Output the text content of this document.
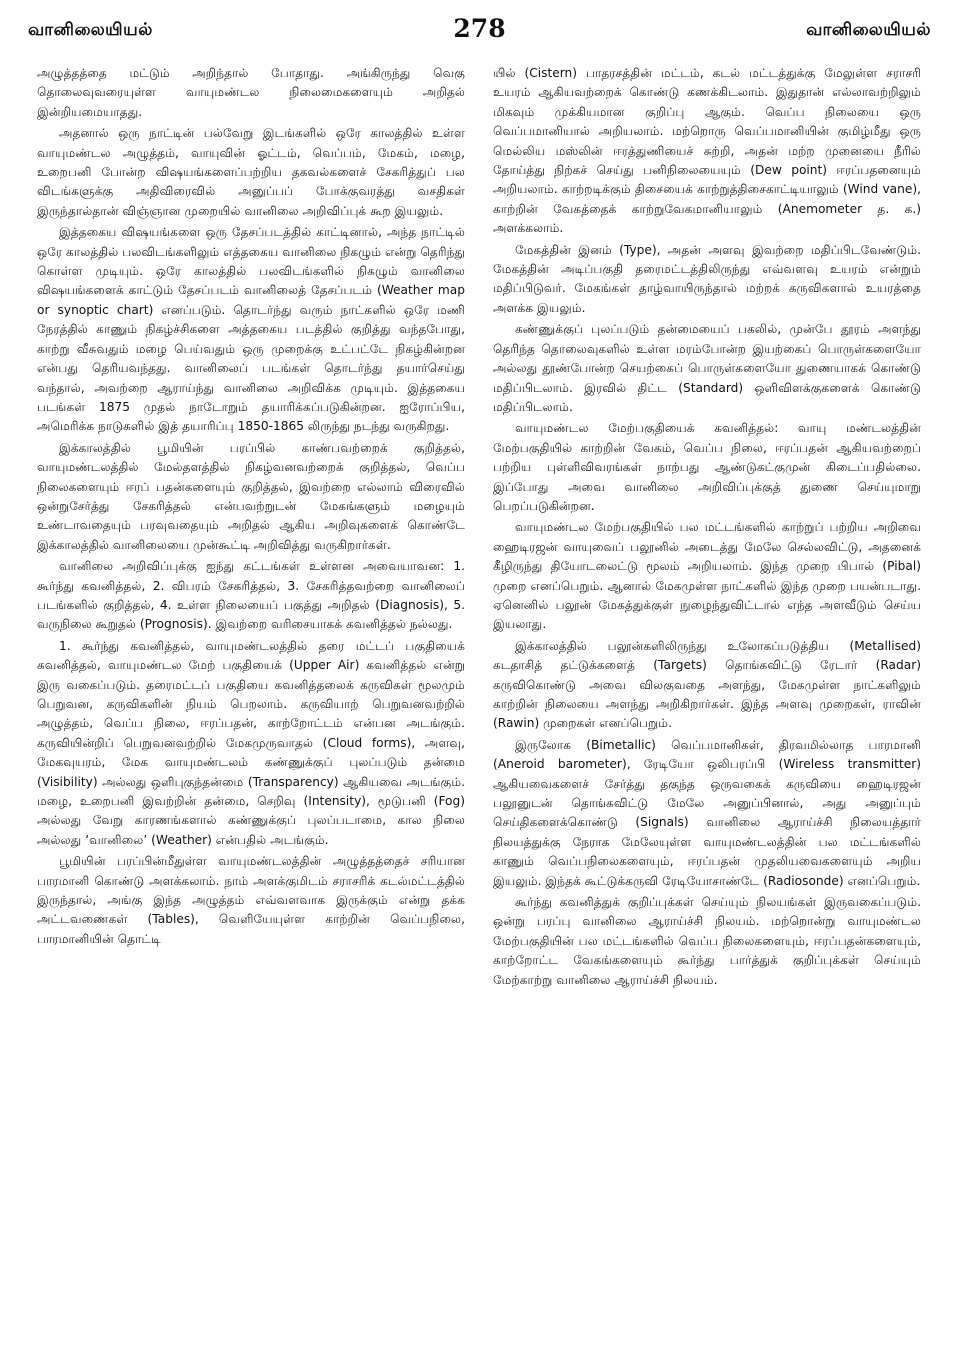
வானிலையியல்	278	வானிலையியல்

அழுத்தத்தை மட்டும் அறிந்தால் போதாது. அங்கிருந்து வெகு தொலைவுவரையுள்ள வாயுமண்டல நிலைமைகளையும் அறிதல் இன்றியமையாதது.

அதனால் ஒரு நாட்டின் பல்வேறு இடங்களில் ஒரே காலத்தில் உள்ள வாயுமண்டல அழுத்தம், வாயுவின் ஓட்டம், வெப்பம், மேகம், மழை, உறைபனி போன்ற விஷயங்களைப்பற்றிய தகவல்களைச் சேகரித்துப் பல விடங்களுக்கு அதிவிரைவில் அனுப்பப் போக்குவரத்து வசதிகள் இருந்தால்தான் விஞ்ஞான முறையில் வானிலை அறிவிப்புக் கூற இயலும்.

இத்தகைய விஷயங்களை ஒரு தேசப்படத்தில் காட்டினால், அந்த நாட்டில் ஒரே காலத்தில் பலவிடங்களிலும் எத்தகைய வானிலை நிகழும் என்று தெரிந்து கொள்ள முடியும். ஒரே காலத்தில் பலவிடங்களில் நிகழும் வானிலை விஷயங்களைக் காட்டும் தேசப்படம் வானிலைத் தேசப்படம் (Weather map or synoptic chart) எனப்படும். தொடர்ந்து வரும் நாட்களில் ஒரே மணி நேரத்தில் காணும் நிகழ்ச்சிகளை அத்தகைய படத்தில் குறித்து வந்தபோது, காற்று வீசுவதும் மழை பெய்வதும் ஒரு முறைக்கு உட்பட்டே நிகழ்கின்றன என்பது தெரியவந்தது. வானிலைப் படங்கள் தொடர்ந்து தயார்செய்து வந்தால், அவற்றை ஆராய்ந்து வானிலை அறிவிக்க முடியும். இத்தகைய படங்கள் 1875 முதல் நாடோறும் தயாரிக்கப்படுகின்றன. ஐரோப்பிய, அமெரிக்க நாடுகளில் இத் தயாரிப்பு 1850-1865 லிருந்து நடந்து வருகிறது.

இக்காலத்தில் பூமியின் பரப்பில் காண்பவற்றைக் குறித்தல், வாயுமண்டலத்தில் மேல்தளத்தில் நிகழ்வனவற்றைக் குறித்தல், வெப்ப நிலைகளையும் ஈரப் பதன்களையும் குறித்தல், இவற்றை எல்லாம் விரைவில் ஒன்றுசேர்த்து சேகரித்தல் என்பவற்றுடன் மேகங்களும் மழையும் உண்டாவதையும் பரவுவதையும் அறிதல் ஆகிய அறிவுகளைக் கொண்டே இக்காலத்தில் வானிலையை முன்கூட்டி அறிவித்து வருகிறார்கள்.

வானிலை அறிவிப்புக்கு ஐந்து கட்டங்கள் உள்ளன அவையாவன: 1. கூர்ந்து கவனித்தல், 2. விபரம் சேகரித்தல், 3. சேகரித்தவற்றை வானிலைப் படங்களில் குறித்தல், 4. உள்ள நிலையைப் பகுத்து அறிதல் (Diagnosis), 5. வருநிலை கூறுதல் (Prognosis). இவற்றை வரிசையாகக் கவனித்தல் நல்லது.

1. கூர்ந்து கவனித்தல், வாயுமண்டலத்தில் தரை மட்டப் பகுதியைக் கவனித்தல், வாயுமண்டல மேற் பகுதியைக் (Upper Air) கவனித்தல் என்று இரு வகைப்படும். தரைமட்டப் பகுதியை கவனித்தலைக் கருவிகள் மூலமும் பெறுவன, கருவிகளின் நியம் பெறலாம். கருவியாற் பெறுவனவற்றில் அழுத்தம், வெப்ப நிலை, ஈரப்பதன், காற்றோட்டம் என்பன அடங்கும். கருவியின்றிப் பெறுவனவற்றில் மேகமுருவாதல் (Cloud forms), அளவு, மேகவுயரம், மேக வாயுமண்டலம் கண்ணுக்குப் புலப்படும் தன்மை (Visibility) அல்லது ஒளிபுகுந்தன்மை (Transparency) ஆகியவை அடங்கும். மழை, உறைபனி இவற்றின் தன்மை, செறிவு (Intensity), மூடுபனி (Fog) அல்லது வேறு காரணங்களால் கண்ணுக்குப் புலப்படாமை, கால நிலை அல்லது ‘வானிலை’ (Weather) என்பதில் அடங்கும்.

பூமியின் பரப்பின்மீதுள்ள வாயுமண்டலத்தின் அழுத்தத்தைச் சரியான பாரமானி கொண்டு அளக்கலாம். நாம் அளக்குமிடம் சராசரிக் கடல்மட்டத்தில் இருந்தால், அங்கு இந்த அழுத்தம் எவ்வளவாக இருக்கும் என்று தக்க அட்டவணைகள் (Tables), வெளியேயுள்ள காற்றின் வெப்பநிலை, பாரமானியின் தொட்டி

யில் (Cistern) பாதரசத்தின் மட்டம், கடல் மட்டத்துக்கு மேலுள்ள சராசரி உயரம் ஆகியவற்றைக் கொண்டு கணக்கிடலாம். இதுதான் எல்லாவற்றிலும் மிகவும் முக்கியமான குறிப்பு ஆகும். வெப்ப நிலையை ஒரு வெப்பமானியால் அறியலாம். மற்றொரு வெப்பமானியின் குமிழ்மீது ஒரு மெல்லிய மஸ்லின் ஈரத்துணியைச் சுற்றி, அதன் மற்ற முனையை நீரில் தோய்த்து நிற்கச் செய்து பனிநிலையையும் (Dew point) ஈரப்பதனையும் அறியலாம். காற்றடிக்கும் திசையைக் காற்றுத்திசைகாட்டியாலும் (Wind vane), காற்றின் வேகத்தைக் காற்றுவேகமானியாலும் (Anemometer த. க.) அளக்கலாம்.

மேகத்தின் இனம் (Type), அதன் அளவு இவற்றை மதிப்பிடவேண்டும். மேகத்தின் அடிப்பகுதி தரைமட்டத்திலிருந்து எவ்வளவு உயரம் என்றும் மதிப்பிடுவர். மேகங்கள் தாழ்வாயிருந்தால் மற்றக் கருவிகளால் உயரத்தை அளக்க இயலும்.

கண்ணுக்குப் புலப்படும் தன்மையைப் பகலில், முன்பே தூரம் அளந்து தெரிந்த தொலைவுகளில் உள்ள மரம்போன்ற இயற்கைப் பொருள்களையோ அல்லது தூண்போன்ற செயற்கைப் பொருள்களையோ துணையாகக் கொண்டு மதிப்பிடலாம். இரவில் திட்ட (Standard) ஒளிவிளக்குகளைக் கொண்டு மதிப்பிடலாம்.

வாயுமண்டல மேற்பகுதியைக் கவனித்தல்: வாயு மண்டலத்தின் மேற்பகுதியில் காற்றின் வேகம், வெப்ப நிலை, ஈரப்பதன் ஆகியவற்றைப் பற்றிய புள்ளிவிவரங்கள் நாற்பது ஆண்டுகட்குமுன் கிடைப்பதில்லை. இப்போது அவை வானிலை அறிவிப்புக்குத் துணை செய்யுமாறு பெறப்படுகின்றன.

வாயுமண்டல மேற்பகுதியில் பல மட்டங்களில் காற்றுப் பற்றிய அறிவை ஹைடிரஜன் வாயுவைப் பலூனில் அடைத்து மேலே செல்லவிட்டு, அதனைக் கீழிருந்து தியோடலைட்டு மூலம் அறியலாம். இந்த முறை பிபால் (Pibal) முறை எனப்பெறும். ஆனால் மேகமுள்ள நாட்களில் இந்த முறை பயன்படாது. ஏனெனில் பலூன் மேகத்துக்குள் நுழைந்துவிட்டால் எந்த அளவீடும் செய்ய இயலாது.

இக்காலத்தில் பலூன்களிலிருந்து உலோகப்படுத்திய (Metallised) கடதாசித் தட்டுக்களைத் (Targets) தொங்கவிட்டு ரேடார் (Radar) கருவிகொண்டு அவை விலகுவதை அளந்து, மேகமுள்ள நாட்களிலும் காற்றின் நிலையை அளந்து அறிகிறார்கள். இந்த அளவு முறைகள், ராவின் (Rawin) முறைகள் எனப்பெறும்.

இருலோக (Bimetallic) வெப்பமானிகள், திரவமில்லாத பாரமானி (Aneroid barometer), ரேடியோ ஒலிபரப்பி (Wireless transmitter) ஆகியவைகளைச் சேர்த்து தகுந்த ஒருவகைக் கருவியை ஹைடிரஜன் பலூனுடன் தொங்கவிட்டு மேலே அனுப்பினால், அது அனுப்பும் செய்திகளைக்கொண்டு (Signals) வானிலை ஆராய்ச்சி நிலையத்தார் நிலயத்துக்கு நேராக மேலேயுள்ள வாயுமண்டலத்தின் பல மட்டங்களில் காணும் வெப்பநிலைகளையும், ஈரப்பதன் முதலியவைகளையும் அறிய இயலும். இந்தக் கூட்டுக்கருவி ரேடியோசாண்டே (Radiosonde) எனப்பெறும்.

கூர்ந்து கவனித்துக் குறிப்புக்கள் செய்யும் நிலயங்கள் இருவகைப்படும். ஒன்று பரப்பு வானிலை ஆராய்ச்சி நிலயம். மற்றொன்று வாயுமண்டல மேற்பகுதியின் பல மட்டங்களில் வெப்ப நிலைகளையும், ஈரப்பதன்களையும், காற்றோட்ட வேகங்களையும் கூர்ந்து பார்த்துக் குறிப்புக்கள் செய்யும் மேற்காற்று வானிலை ஆராய்ச்சி நிலயம்.
